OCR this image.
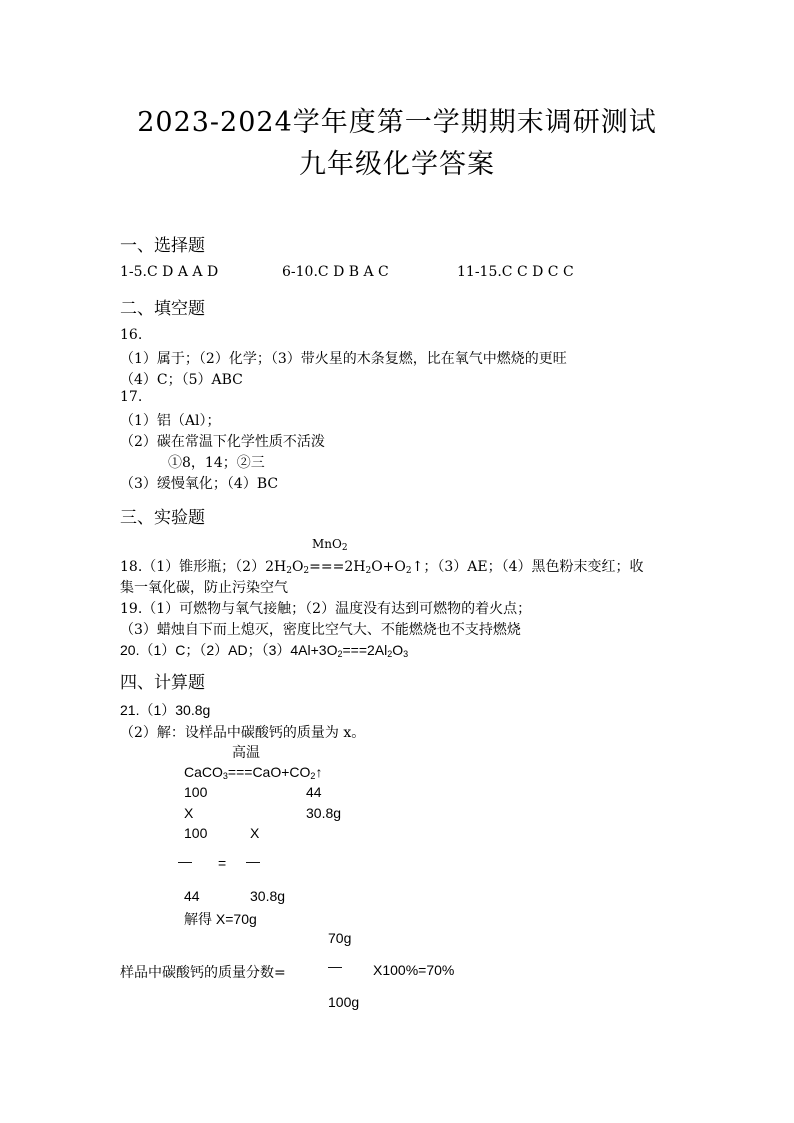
2023-2024学年度第一学期期末调研测试
九年级化学答案
一、选择题
1-5.C D A A D	6-10.C D B A C	11-15.C C D C C
二、填空题
16.
（1）属于；（2）化学；（3）带火星的木条复燃，比在氧气中燃烧的更旺
（4）C；（5）ABC
17.
（1）铝（Al）；
（2）碳在常温下化学性质不活泼
①8，14；②三
（3）缓慢氧化；（4）BC
三、实验题
MnO$_2$
18.（1）锥形瓶；$(2)2H_2O_2===2H_2O+O_2↑$；（3）AE；（4）黑色粉末变红；收
集一氧化碳，防止污染空气
19.（1）可燃物与氧气接触；（2）温度没有达到可燃物的着火点；
（3）蜡烛自下而上熄灭，密度比空气大、不能燃烧也不支持燃烧
20.（1）C；（2）AD；$(3)4Al+3O_2===2Al_2O_3$
四、计算题
21.（1）30.8g
（2）解：设样品中碳酸钙的质量为 x。
高温
$CaCO_3===CaO+CO_2↑$
100	44
X	30.8g
100	X
— = —
44	30.8g
解得 X=70g
70g
样品中碳酸钙的质量分数=	— X100%=70%
100g
